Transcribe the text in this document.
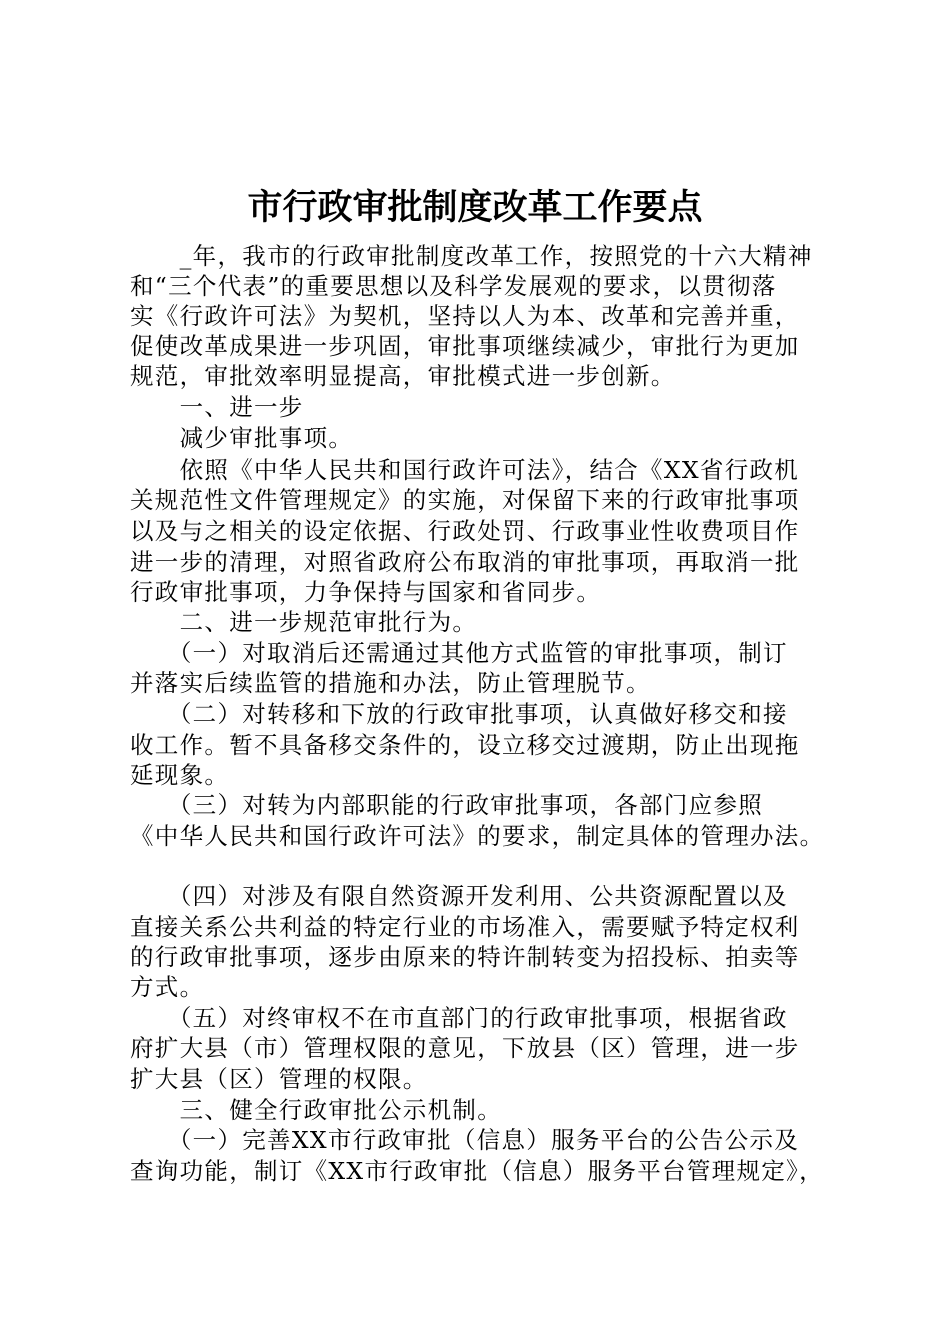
市行政审批制度改革工作要点
　　_年，我市的行政审批制度改革工作，按照党的十六大精神
和“三个代表”的重要思想以及科学发展观的要求，以贯彻落
实《行政许可法》为契机，坚持以人为本、改革和完善并重，
促使改革成果进一步巩固，审批事项继续减少，审批行为更加
规范，审批效率明显提高，审批模式进一步创新。
　　一、进一步
　　减少审批事项。
　　依照《中华人民共和国行政许可法》，结合《XX省行政机
关规范性文件管理规定》的实施，对保留下来的行政审批事项
以及与之相关的设定依据、行政处罚、行政事业性收费项目作
进一步的清理，对照省政府公布取消的审批事项，再取消一批
行政审批事项，力争保持与国家和省同步。
　　二、进一步规范审批行为。
　　（一）对取消后还需通过其他方式监管的审批事项，制订
并落实后续监管的措施和办法，防止管理脱节。
　　（二）对转移和下放的行政审批事项，认真做好移交和接
收工作。暂不具备移交条件的，设立移交过渡期，防止出现拖
延现象。
　　（三）对转为内部职能的行政审批事项，各部门应参照
《中华人民共和国行政许可法》的要求，制定具体的管理办法。
　　（四）对涉及有限自然资源开发利用、公共资源配置以及
直接关系公共利益的特定行业的市场准入，需要赋予特定权利
的行政审批事项，逐步由原来的特许制转变为招投标、拍卖等
方式。
　　（五）对终审权不在市直部门的行政审批事项，根据省政
府扩大县（市）管理权限的意见，下放县（区）管理，进一步
扩大县（区）管理的权限。
　　三、健全行政审批公示机制。
　　（一）完善XX市行政审批（信息）服务平台的公告公示及
查询功能，制订《XX市行政审批（信息）服务平台管理规定》，
